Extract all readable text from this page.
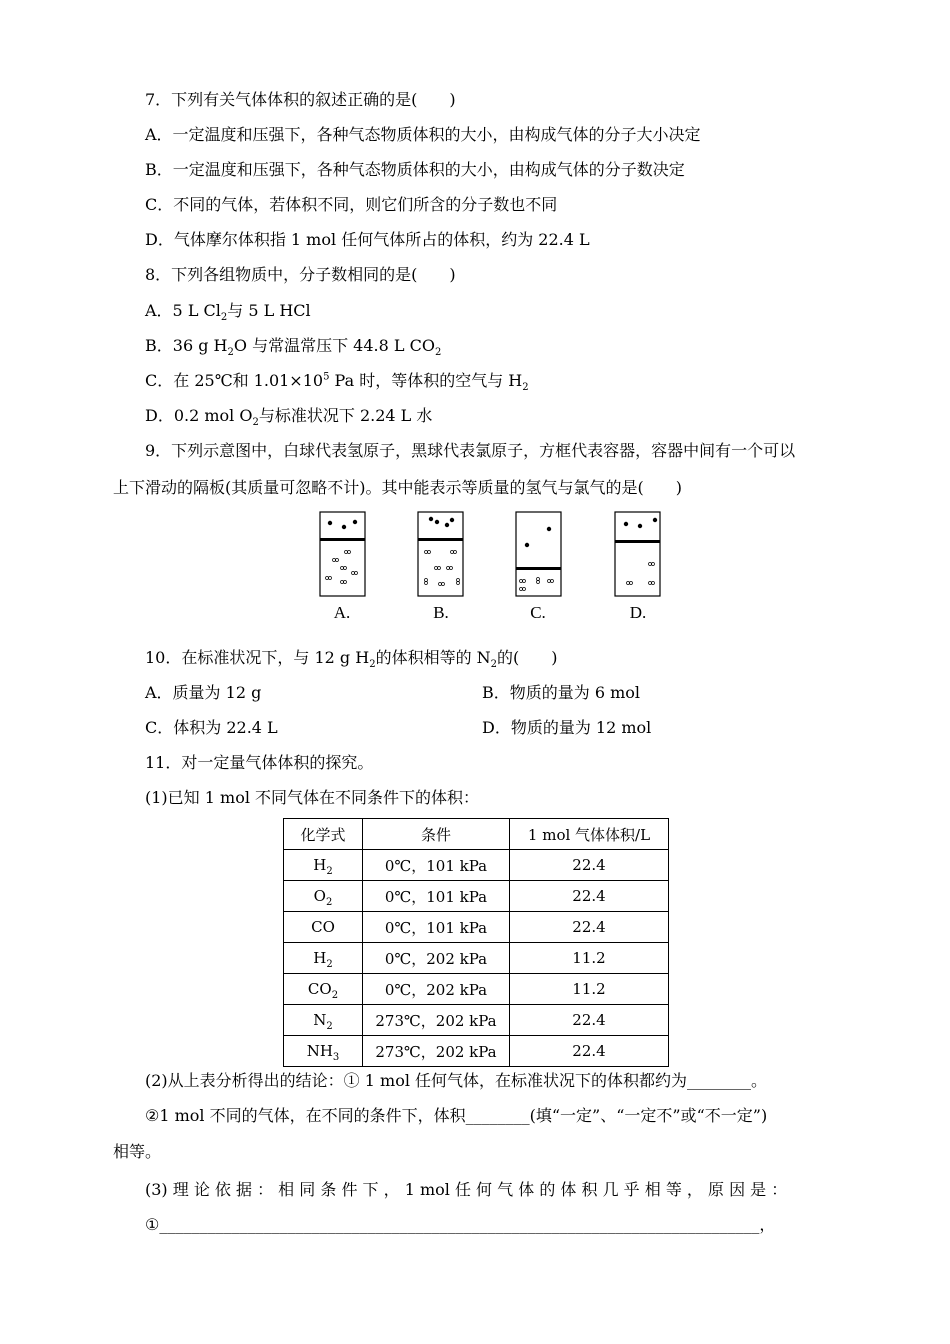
7．下列有关气体体积的叙述正确的是(　　)
A．一定温度和压强下，各种气态物质体积的大小，由构成气体的分子大小决定
B．一定温度和压强下，各种气态物质体积的大小，由构成气体的分子数决定
C．不同的气体，若体积不同，则它们所含的分子数也不同
D．气体摩尔体积指 1 mol 任何气体所占的体积，约为 22.4 L
8．下列各组物质中，分子数相同的是(　　)
A．5 L $Cl_2$与 5 L HCl
B．36 g $H_2O$ 与常温常压下 44.8 L $CO_2$
C．在 25℃和 $1.01\times 10^5$ Pa 时，等体积的空气与 $H_2$
D．0.2 mol $O_2$与标准状况下 2.24 L 水
9．下列示意图中，白球代表氢原子，黑球代表氯原子，方框代表容器，容器中间有一个可以
上下滑动的隔板(其质量可忽略不计)。其中能表示等质量的氢气与氯气的是(　　)
A.	B.	C.	D.
10．在标准状况下，与 12 g $H_2$的体积相等的 $N_2$的(　　)
A．质量为 12 g	B．物质的量为 6 mol
C．体积为 22.4 L	D．物质的量为 12 mol
11．对一定量气体体积的探究。
(1)已知 1 mol 不同气体在不同条件下的体积：
化学式	条件	1 mol 气体体积/L
$H_2$	0℃，101 kPa	22.4
$O_2$	0℃，101 kPa	22.4
CO	0℃，101 kPa	22.4
$H_2$	0℃，202 kPa	11.2
$CO_2$	0℃，202 kPa	11.2
$N_2$	273℃，202 kPa	22.4
$NH_3$	273℃，202 kPa	22.4
(2)从上表分析得出的结论：① 1 mol 任何气体，在标准状况下的体积都约为________。
②1 mol 不同的气体，在不同的条件下，体积________(填“一定”、“一定不”或“不一定”)
相等。
(3) 理 论 依 据 ： 相 同 条 件 下 ， 1 mol 任 何 气 体 的 体 积 几 乎 相 等 ， 原 因 是 ：
①___________________________________________________________________________，
